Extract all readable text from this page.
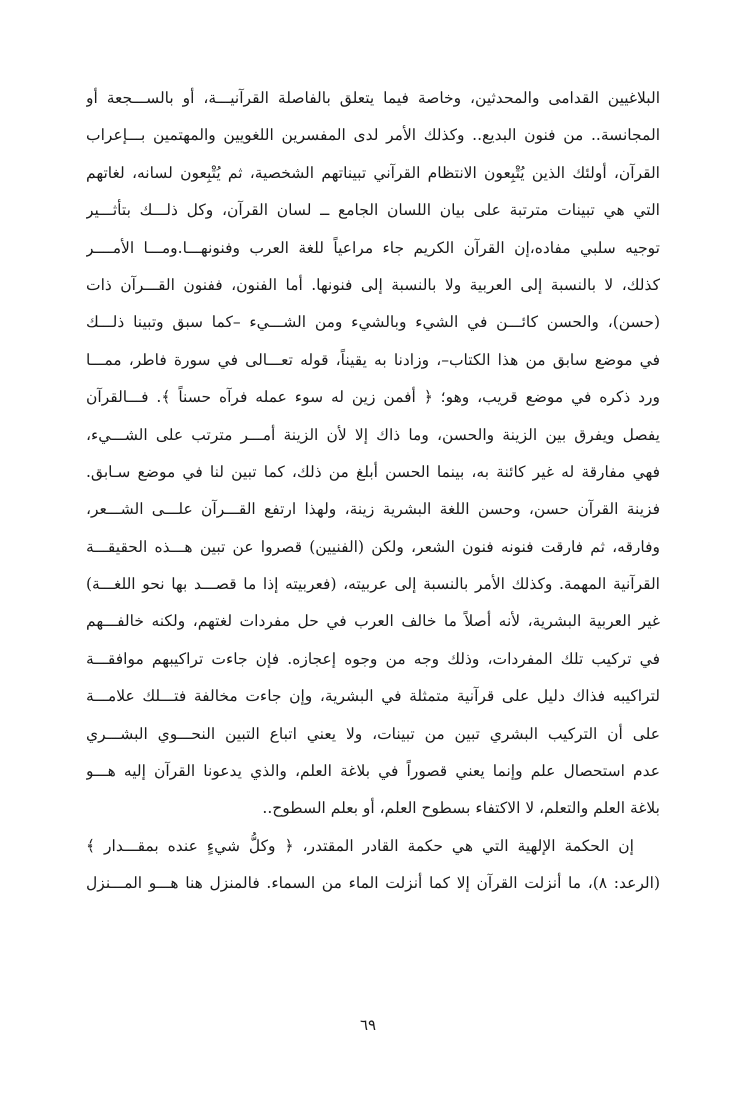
البلاغيين القدامى والمحدثين، وخاصة فيما يتعلق بالفاصلة القرآنيـــة، أو بالســـجعة أو
المجانسة.. من فنون البديع.. وكذلك الأمر لدى المفسرين اللغويين والمهتمين بـــإعراب
القرآن، أولئك الذين يُتْبِعون الانتظام القرآني تبيناتهم الشخصية، ثم يُتْبِعون لسانه، لغاتهم
التي هي تبينات مترتبة على بيان اللسان الجامع ــ لسان القرآن، وكل ذلـــك بتأثـــير
توجيه سلبي مفاده،إن القرآن الكريم جاء مراعياً للغة العرب وفنونهـــا.ومـــا الأمــــر
كذلك، لا بالنسبة إلى العربية ولا بالنسبة إلى فنونها. أما الفنون، ففنون القـــرآن ذات
(حسن)، والحسن كائـــن في الشيء وبالشيء ومن الشـــيء –كما سبق وتبينا ذلـــك
في موضع سابق من هذا الكتاب–، وزادنا به يقيناً، قوله تعـــالى في سورة فاطر، ممـــا
ورد ذكره في موضع قريب، وهو؛ ﴿ أفمن زين له سوء عمله فرآه حسناً ﴾. فـــالقرآن
يفصل ويفرق بين الزينة والحسن، وما ذاك إلا لأن الزينة أمـــر مترتب على الشـــيء،
فهي مفارقة له غير كائنة به، بينما الحسن أبلغ من ذلك، كما تبين لنا في موضع سـابق.
فزينة القرآن حسن، وحسن اللغة البشرية زينة، ولهذا ارتفع القـــرآن علـــى الشـــعر،
وفارقه، ثم فارقت فنونه فنون الشعر، ولكن (الفنيين) قصروا عن تبين هـــذه الحقيقـــة
القرآنية المهمة. وكذلك الأمر بالنسبة إلى عربيته، (فعربيته إذا ما قصـــد بها نحو اللغـــة)
غير العربية البشرية، لأنه أصلاً ما خالف العرب في حل مفردات لغتهم، ولكنه خالفـــهم
في تركيب تلك المفردات، وذلك وجه من وجوه إعجازه. فإن جاءت تراكيبهم موافقـــة
لتراكيبه فذاك دليل على قرآنية متمثلة في البشرية، وإن جاءت مخالفة فتـــلك علامـــة
على أن التركيب البشري تبين من تبينات، ولا يعني اتباع التبين النحـــوي البشـــري
عدم استحصال علم وإنما يعني قصوراً في بلاغة العلم، والذي يدعونا القرآن إليه هـــو
بلاغة العلم والتعلم، لا الاكتفاء بسطوح العلم، أو بعلم السطوح..
إن الحكمة الإلهية التي هي حكمة القادر المقتدر، ﴿ وكلُّ شيءٍ عنده بمقـــدار ﴾
(الرعد: ٨)، ما أنزلت القرآن إلا كما أنزلت الماء من السماء. فالمنزل هنا هـــو المـــنزل
٦٩
